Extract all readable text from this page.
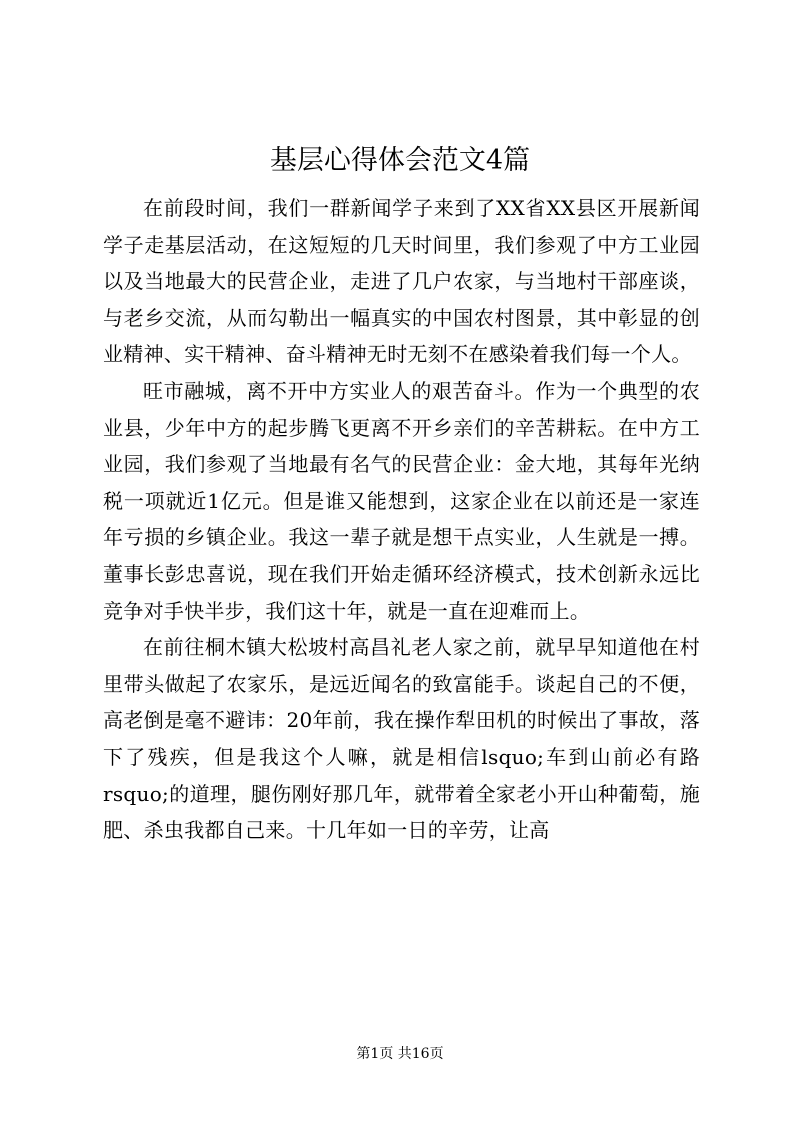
基层心得体会范文4篇

在前段时间，我们一群新闻学子来到了XX省XX县区开展新闻学子走基层活动，在这短短的几天时间里，我们参观了中方工业园以及当地最大的民营企业，走进了几户农家，与当地村干部座谈，与老乡交流，从而勾勒出一幅真实的中国农村图景，其中彰显的创业精神、实干精神、奋斗精神无时无刻不在感染着我们每一个人。

旺市融城，离不开中方实业人的艰苦奋斗。作为一个典型的农业县，少年中方的起步腾飞更离不开乡亲们的辛苦耕耘。在中方工业园，我们参观了当地最有名气的民营企业：金大地，其每年光纳税一项就近1亿元。但是谁又能想到，这家企业在以前还是一家连年亏损的乡镇企业。我这一辈子就是想干点实业，人生就是一搏。董事长彭忠喜说，现在我们开始走循环经济模式，技术创新永远比竞争对手快半步，我们这十年，就是一直在迎难而上。

在前往桐木镇大松坡村高昌礼老人家之前，就早早知道他在村里带头做起了农家乐，是远近闻名的致富能手。谈起自己的不便，高老倒是毫不避讳：20年前，我在操作犁田机的时候出了事故，落下了残疾，但是我这个人嘛，就是相信lsquo;车到山前必有路rsquo;的道理，腿伤刚好那几年，就带着全家老小开山种葡萄，施肥、杀虫我都自己来。十几年如一日的辛劳，让高

第1页 共16页
